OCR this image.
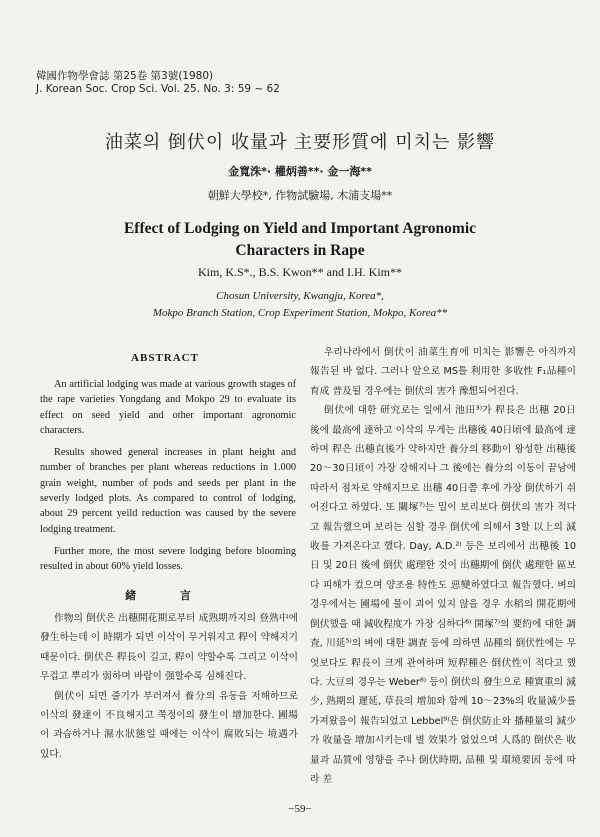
韓國作物學會誌 第25卷 第3號(1980)
J. Korean Soc. Crop Sci. Vol. 25. No. 3: 59 ~ 62
油菜의 倒伏이 收量과 主要形質에 미치는 影響
金寬洙*· 權炳善**· 金一海**
朝鮮大學校*, 作物試驗場, 木浦支場**
Effect of Lodging on Yield and Important Agronomic
Characters in Rape
Kim, K.S*., B.S. Kwon** and I.H. Kim**
Chosun University, Kwangju, Korea*,
Mokpo Branch Station, Crop Experiment Station, Mokpo, Korea**
ABSTRACT

An artificial lodging was made at various growth stages of the rape varieties Yongdang and Mokpo 29 to evaluate its effect on seed yield and other important agronomic characters.

Results showed general increases in plant height and number of branches per plant whereas reductions in 1.000 grain weight, number of pods and seeds per plant in the severly lodged plots. As compared to control of lodging, about 29 percent yeild reduction was caused by the severe lodging treatment.

Further more, the most severe lodging before blooming resulted in about 60% yield losses.

緒 言

作物의 倒伏은 出穗開花期로부터 成熟期까지의 登熟中에 發生하는데 이 時期가 되면 이삭이 무거워지고 稈이 약해지기 때문이다. 倒伏은 稈長이 길고, 稈이 약할수록 그리고 이삭이 무겁고 뿌리가 弱하며 바람이 强할수록 심해진다.

倒伏이 되면 줄기가 부러져서 養分의 유동을 저해하므로 이삭의 發達이 不良해지고 쭉정이의 發生이 增加한다. 圃場이 과습하거나 濕水狀態일 때에는 이삭이 腐敗되는 境遇가 있다.

우리나라에서 倒伏이 油菜生育에 미치는 影響은 아직까지 報告된 바 없다. 그러나 앞으로 MS틀 利用한 多收性 F₁品種이 育成 普及될 경우에는 倒伏의 害가 豫想되어진다.

倒伏에 대한 研究로는 일에서 池田³⁾가 稈長은 出穗 20日 後에 最高에 達하고 이삭의 무게는 出穗後 40日頃에 最高에 達하며 稈은 出穗直後가 약하지만 養分의 移動이 왕성한 出穗後 20～30日頃이 가장 강해지나 그 後에는 養分의 이동이 끝남에 따라서 점차로 약해지므로 出穗 40日쯤 후에 가장 倒伏하기 쉬어진다고 하였다. 또 關塚⁷⁾는 밀이 보리보다 倒伏의 害가 적다고 報告했으며 보리는 심할 경우 倒伏에 의해서 3할 以上의 減收를 가져온다고 했다. Day, A.D.²⁾ 등은 보리에서 出穗後 10日 및 20日 後에 倒伏 處理한 것이 出穗期에 倒伏 處理한 區보다 피해가 컸으며 양조용 特性도 惡變하였다고 報告했다. 벼의 경우에서는 圃場에 물이 괴어 있지 않을 경우 水稻의 開花期에 倒伏했을 때 減收程度가 가장 심하다⁶⁾ 開塚⁷⁾의 要約에 대한 調査, 川延⁵⁾의 벼에 대한 調査 등에 의하면 品種의 倒伏性에는 무엇보다도 稈長이 크게 관여하며 短稈種은 倒伏性이 적다고 했다. 大豆의 경우는 Weber⁸⁾ 등이 倒伏의 發生으로 種實重의 減少, 熟期의 遲延, 草長의 增加와 함께 10～23%의 收量減少를 가져왔음이 報告되었고 Lebbel⁹⁾은 倒伏防止와 播種量의 減少가 收量을 增加시키는데 별 效果가 없었으며 人爲的 倒伏은 收量과 品質에 영향을 주나 倒伏時期, 品種 및 環境要因 등에 따라 差

−59−
